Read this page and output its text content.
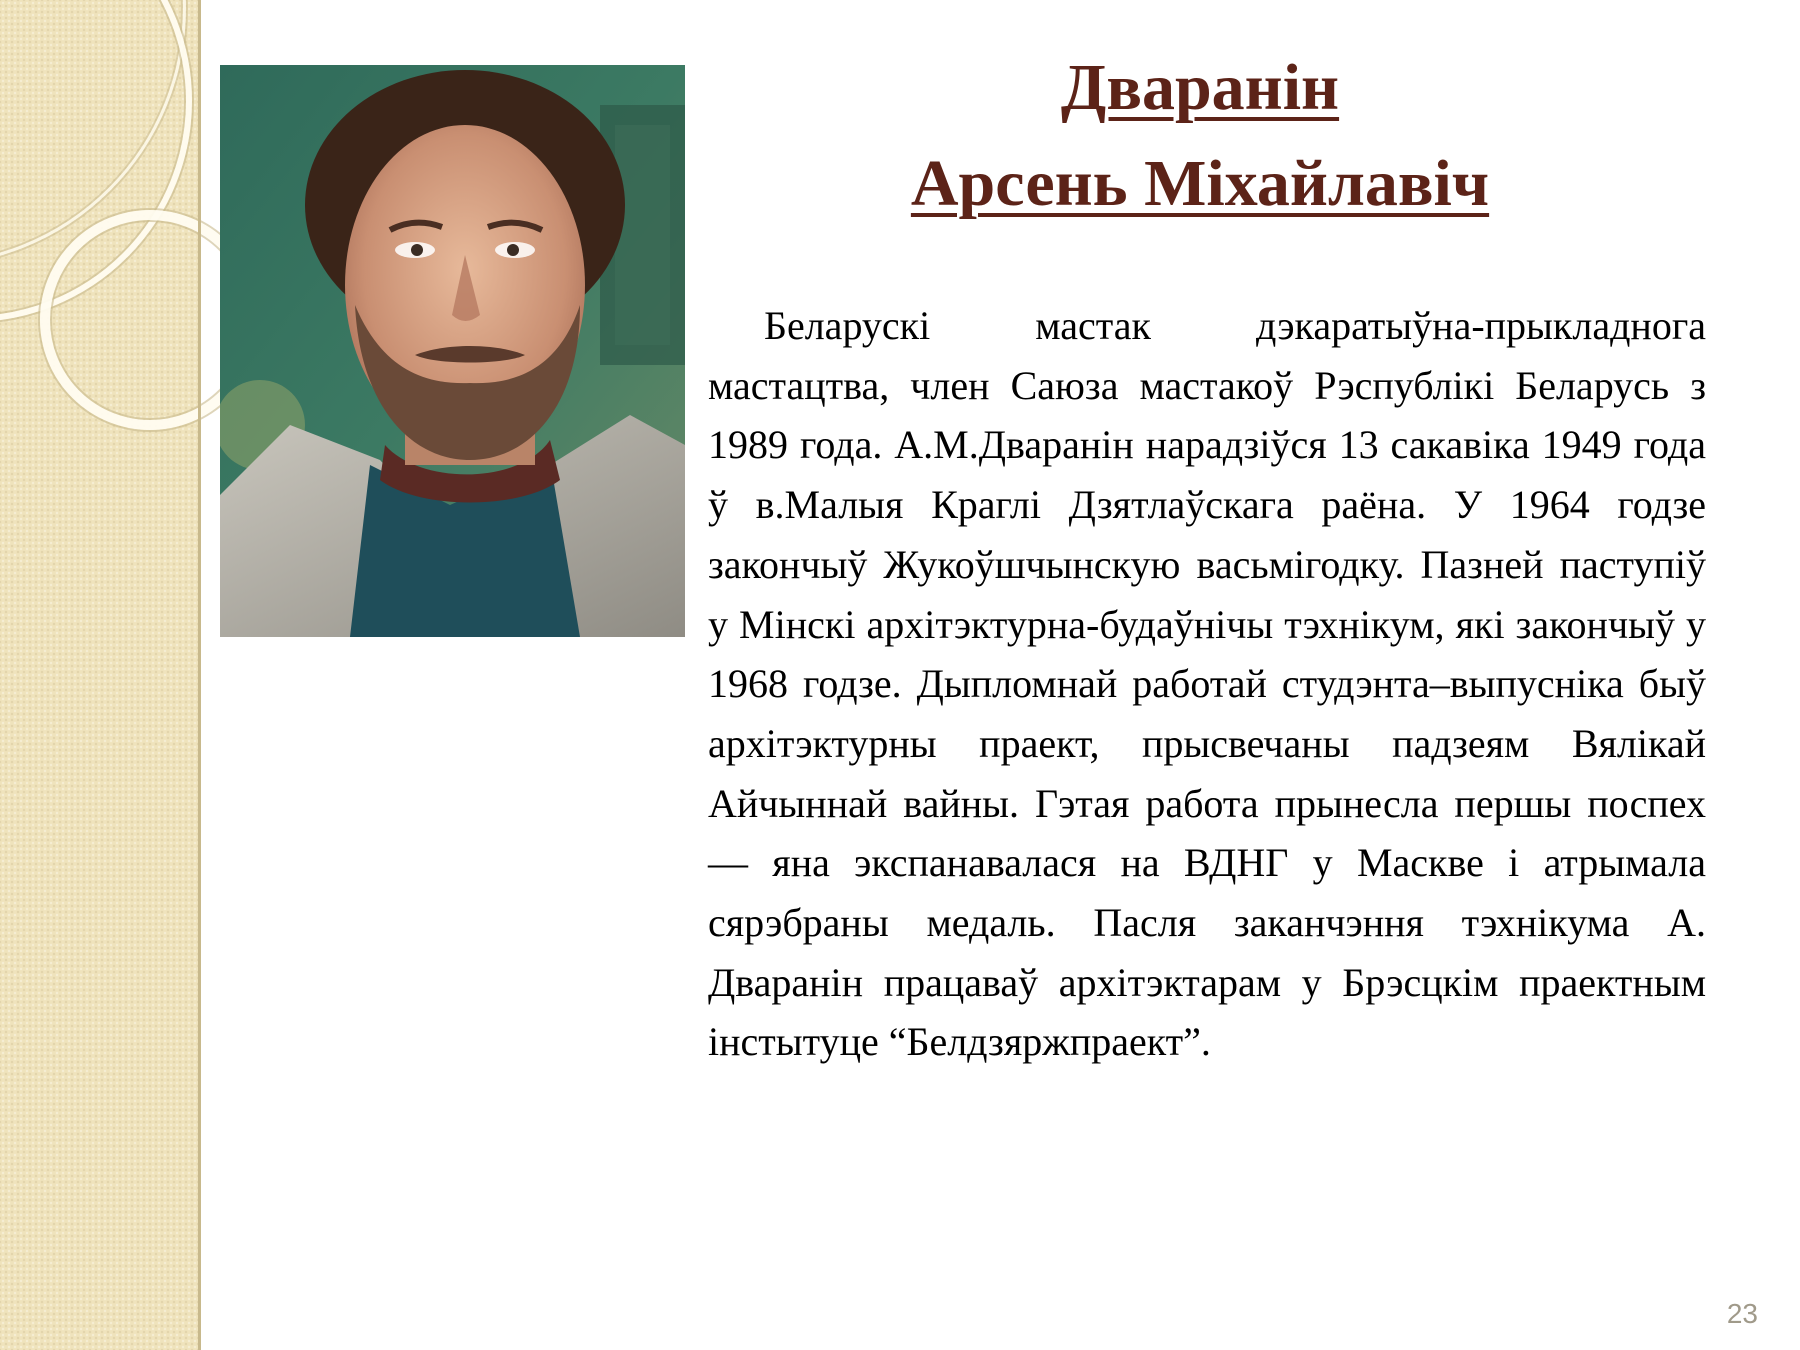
Дваранін
Арсень Міхайлавіч

Беларускі мастак дэкаратыўна-прыкладнога мастацтва, член Саюза мастакоў Рэспублікі Беларусь з 1989 года. А.М.Дваранін нарадзіўся 13 сакавіка 1949 года ў в.Малыя Краглі Дзятлаўскага раёна. У 1964 годзе закончыў Жукоўшчынскую васьмігодку. Пазней паступіў у Мінскі архітэктурна-будаўнічы тэхнікум, які закончыў у 1968 годзе. Дыпломнай работай студэнта–выпусніка быў архітэктурны праект, прысвечаны падзеям Вялікай Айчыннай вайны. Гэтая работа прынесла першы поспех — яна экспанавалася на ВДНГ у Маскве і атрымала сярэбраны медаль. Пасля заканчэння тэхнікума А. Дваранін працаваў архітэктарам у Брэсцкім праектным інстытуце “Белдзяржпраект”.

23
